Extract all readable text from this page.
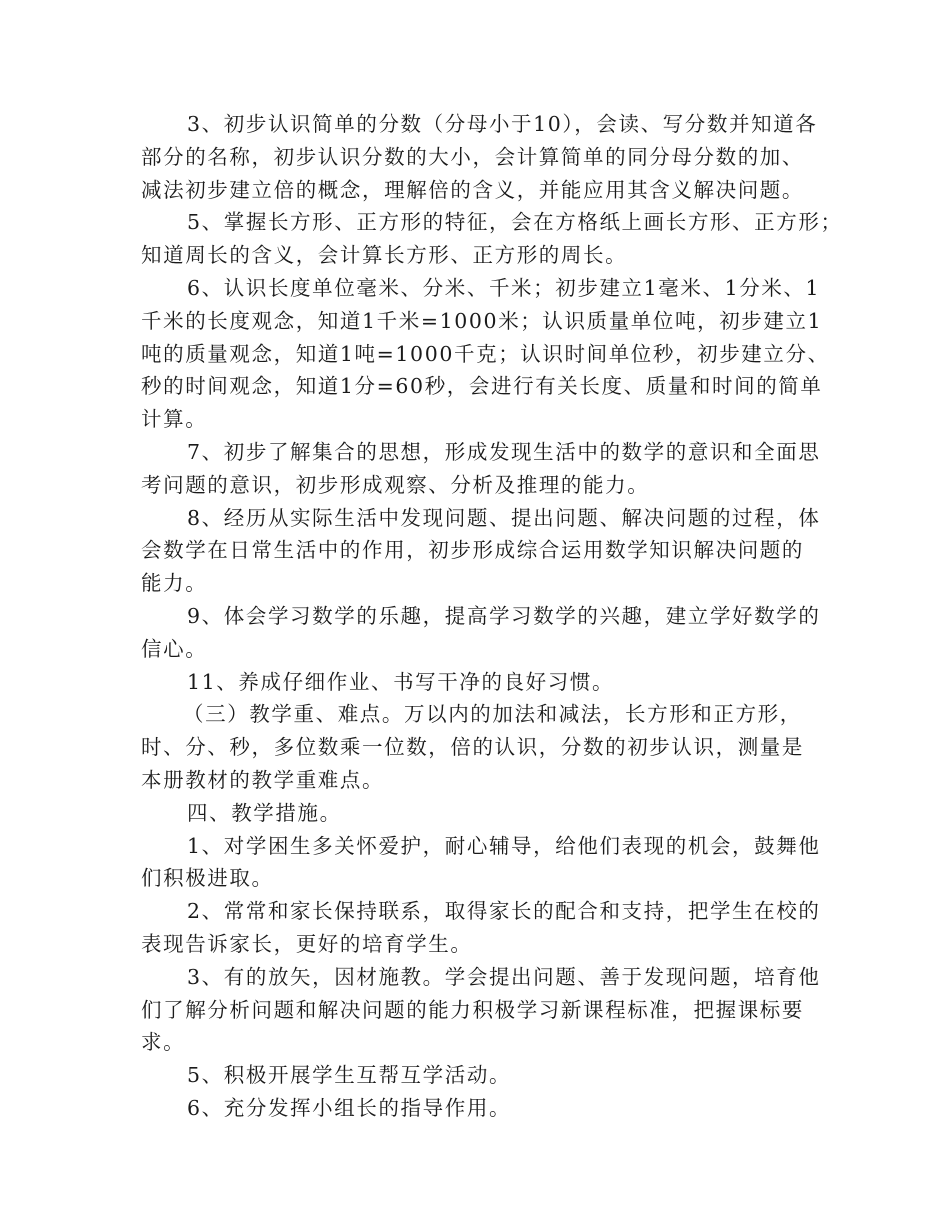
3、初步认识简单的分数（分母小于10），会读、写分数并知道各
部分的名称，初步认识分数的大小，会计算简单的同分母分数的加、
减法初步建立倍的概念，理解倍的含义，并能应用其含义解决问题。
5、掌握长方形、正方形的特征，会在方格纸上画长方形、正方形；
知道周长的含义，会计算长方形、正方形的周长。
6、认识长度单位毫米、分米、千米；初步建立1毫米、1分米、1
千米的长度观念，知道1千米=1000米；认识质量单位吨，初步建立1
吨的质量观念，知道1吨=1000千克；认识时间单位秒，初步建立分、
秒的时间观念，知道1分=60秒，会进行有关长度、质量和时间的简单
计算。
7、初步了解集合的思想，形成发现生活中的数学的意识和全面思
考问题的意识，初步形成观察、分析及推理的能力。
8、经历从实际生活中发现问题、提出问题、解决问题的过程，体
会数学在日常生活中的作用，初步形成综合运用数学知识解决问题的
能力。
9、体会学习数学的乐趣，提高学习数学的兴趣，建立学好数学的
信心。
11、养成仔细作业、书写干净的良好习惯。
（三）教学重、难点。万以内的加法和减法，长方形和正方形，
时、分、秒，多位数乘一位数，倍的认识，分数的初步认识，测量是
本册教材的教学重难点。
四、教学措施。
1、对学困生多关怀爱护，耐心辅导，给他们表现的机会，鼓舞他
们积极进取。
2、常常和家长保持联系，取得家长的配合和支持，把学生在校的
表现告诉家长，更好的培育学生。
3、有的放矢，因材施教。学会提出问题、善于发现问题，培育他
们了解分析问题和解决问题的能力积极学习新课程标准，把握课标要
求。
5、积极开展学生互帮互学活动。
6、充分发挥小组长的指导作用。
